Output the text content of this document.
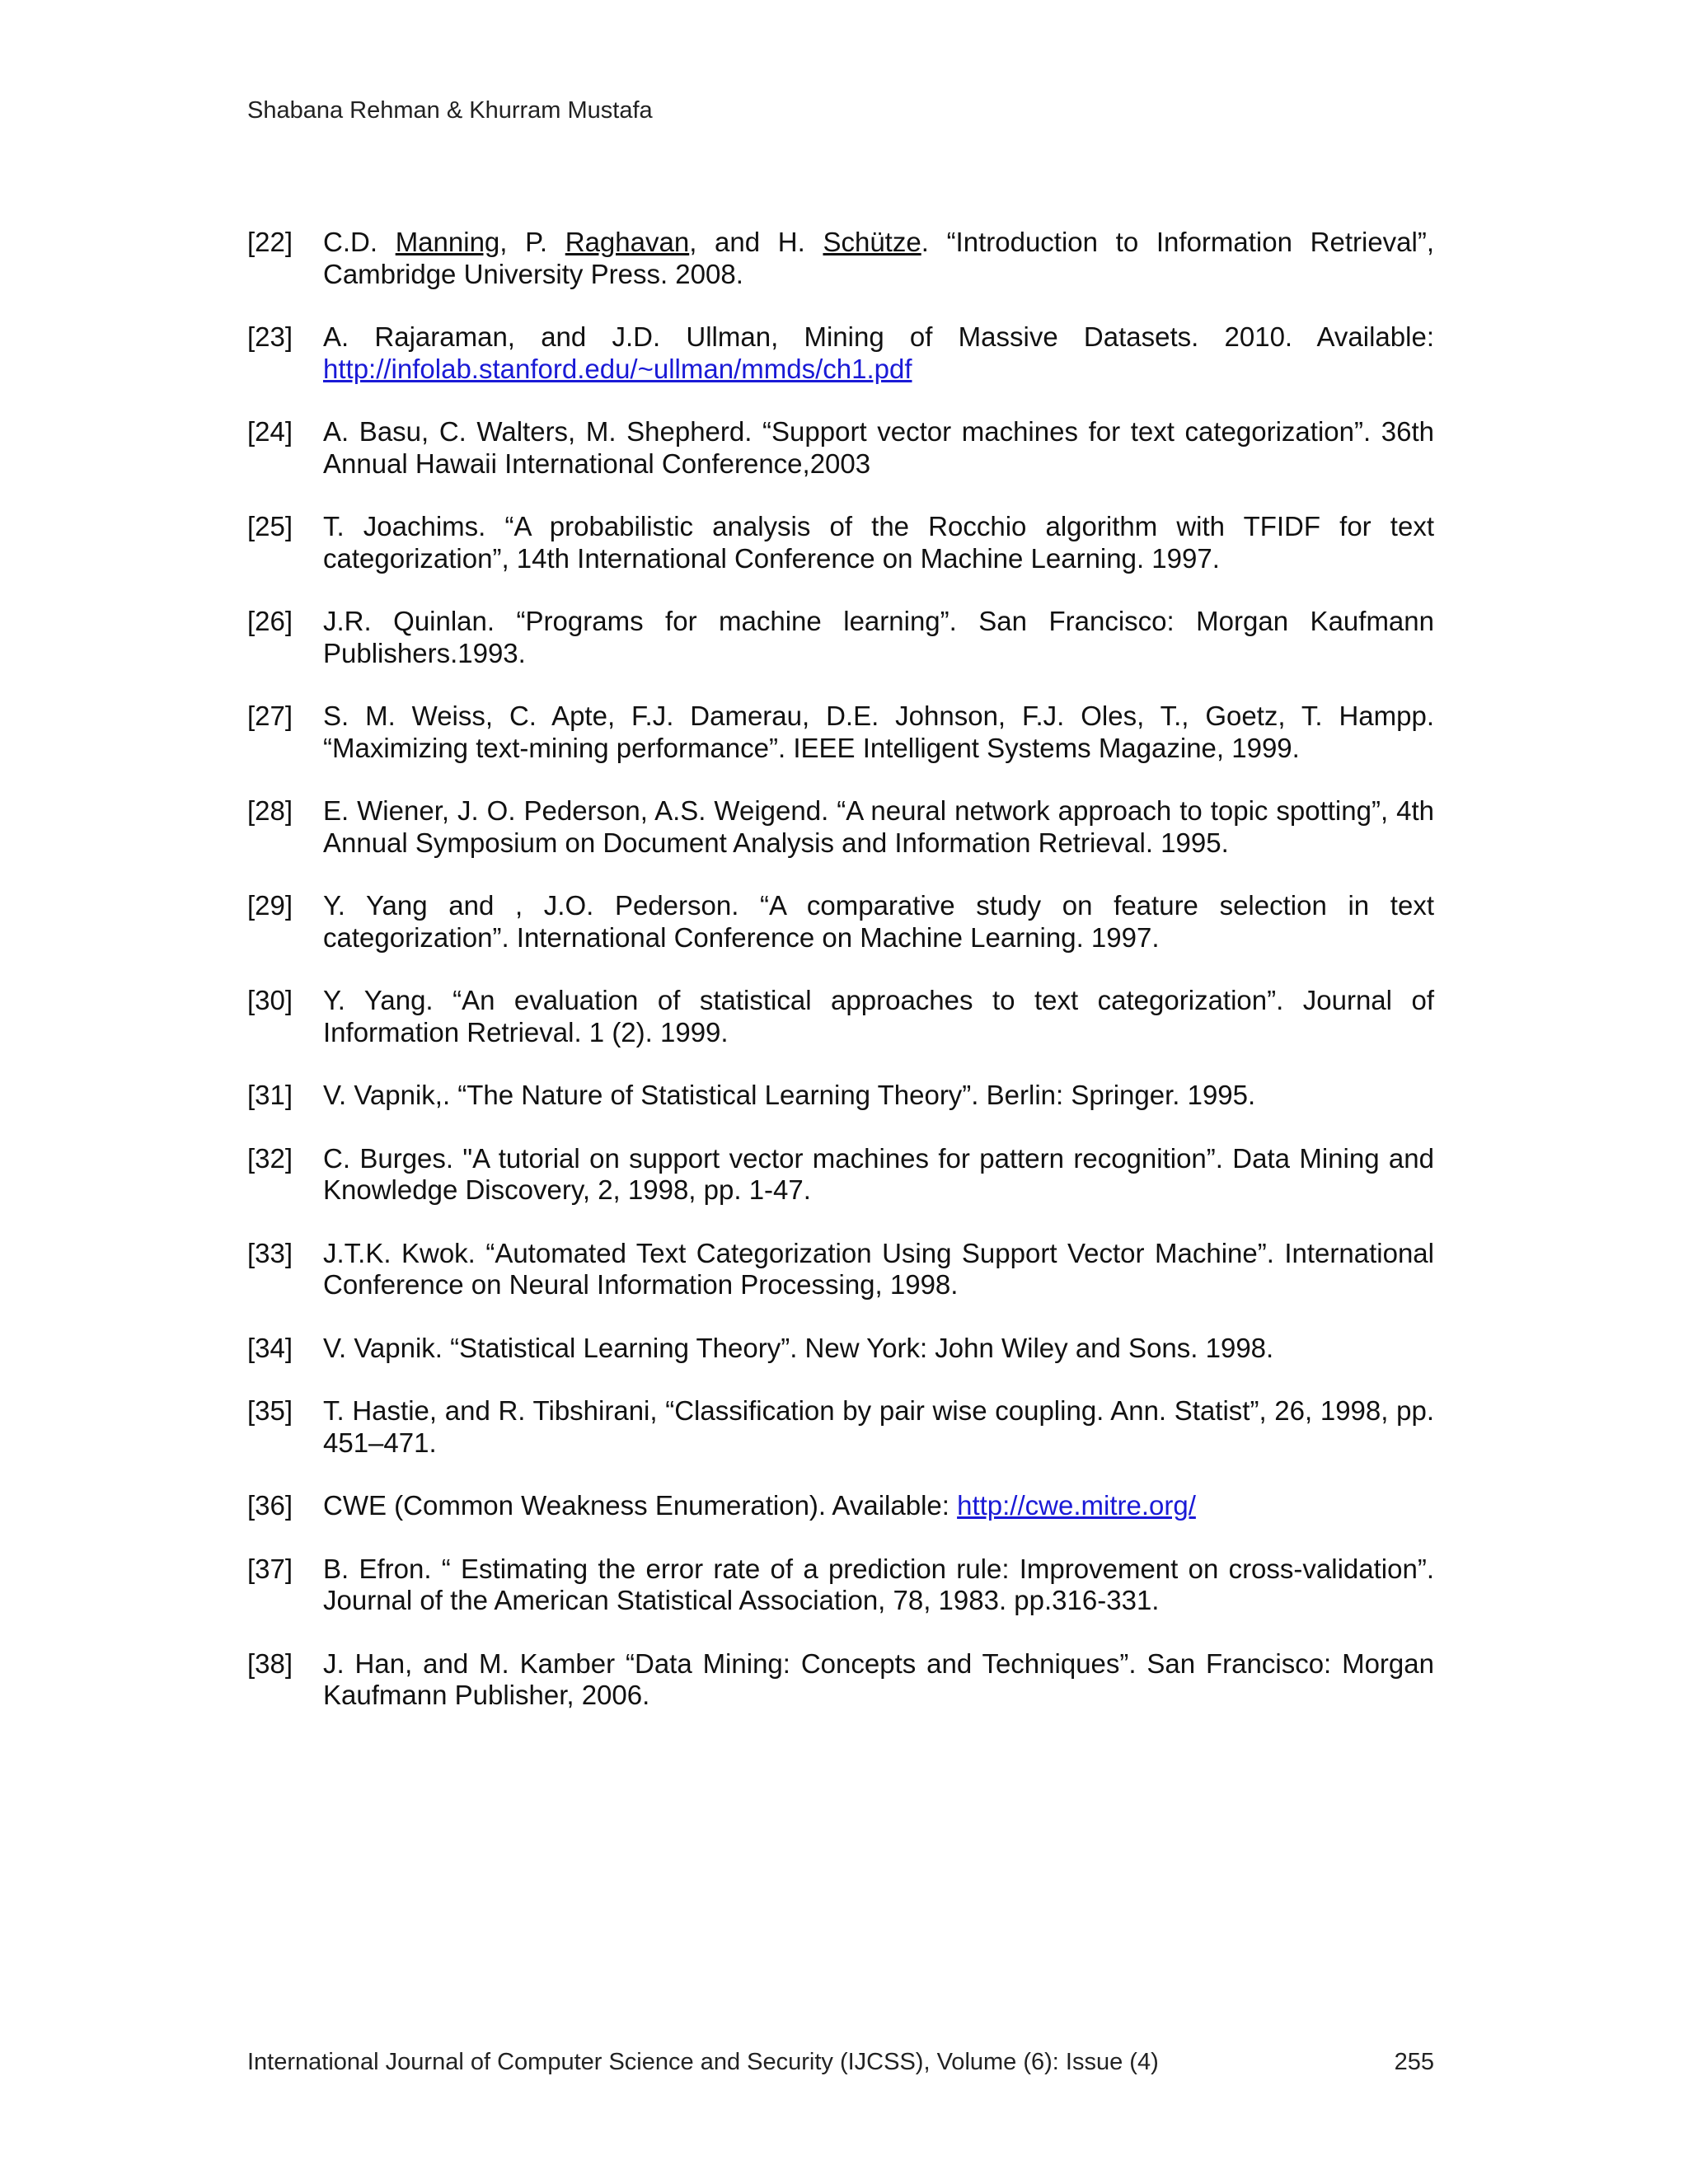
Shabana Rehman & Khurram Mustafa
[22]	C.D. Manning, P. Raghavan, and H. Schütze. “Introduction to Information Retrieval”, Cambridge University Press. 2008.
[23]	A. Rajaraman, and J.D. Ullman, Mining of Massive Datasets. 2010. Available: http://infolab.stanford.edu/~ullman/mmds/ch1.pdf
[24]	A. Basu, C. Walters, M. Shepherd. “Support vector machines for text categorization”. 36th Annual Hawaii International Conference,2003
[25]	T. Joachims. “A probabilistic analysis of the Rocchio algorithm with TFIDF for text categorization”, 14th International Conference on Machine Learning. 1997.
[26]	J.R. Quinlan. “Programs for machine learning”. San Francisco: Morgan Kaufmann Publishers.1993.
[27]	S. M. Weiss, C. Apte, F.J. Damerau, D.E. Johnson, F.J. Oles, T., Goetz, T. Hampp. “Maximizing text-mining performance”. IEEE Intelligent Systems Magazine, 1999.
[28]	E. Wiener, J. O. Pederson, A.S. Weigend. “A neural network approach to topic spotting”, 4th Annual Symposium on Document Analysis and Information Retrieval. 1995.
[29]	Y. Yang and , J.O. Pederson. “A comparative study on feature selection in text categorization”. International Conference on Machine Learning. 1997.
[30]	Y. Yang. “An evaluation of statistical approaches to text categorization”. Journal of Information Retrieval. 1 (2). 1999.
[31]	V. Vapnik,. “The Nature of Statistical Learning Theory”. Berlin: Springer. 1995.
[32]	C. Burges. "A tutorial on support vector machines for pattern recognition”. Data Mining and Knowledge Discovery, 2, 1998, pp. 1-47.
[33]	J.T.K. Kwok. “Automated Text Categorization Using Support Vector Machine”. International Conference on Neural Information Processing, 1998.
[34]	V. Vapnik. “Statistical Learning Theory”. New York: John Wiley and Sons. 1998.
[35]	T. Hastie, and R. Tibshirani, “Classification by pair wise coupling. Ann. Statist”, 26, 1998, pp. 451–471.
[36]	CWE (Common Weakness Enumeration). Available: http://cwe.mitre.org/
[37]	B. Efron. “ Estimating the error rate of a prediction rule: Improvement on cross-validation”. Journal of the American Statistical Association, 78, 1983. pp.316-331.
[38]	J. Han, and M. Kamber “Data Mining: Concepts and Techniques”. San Francisco: Morgan Kaufmann Publisher, 2006.
International Journal of Computer Science and Security (IJCSS), Volume (6): Issue (4)	255
